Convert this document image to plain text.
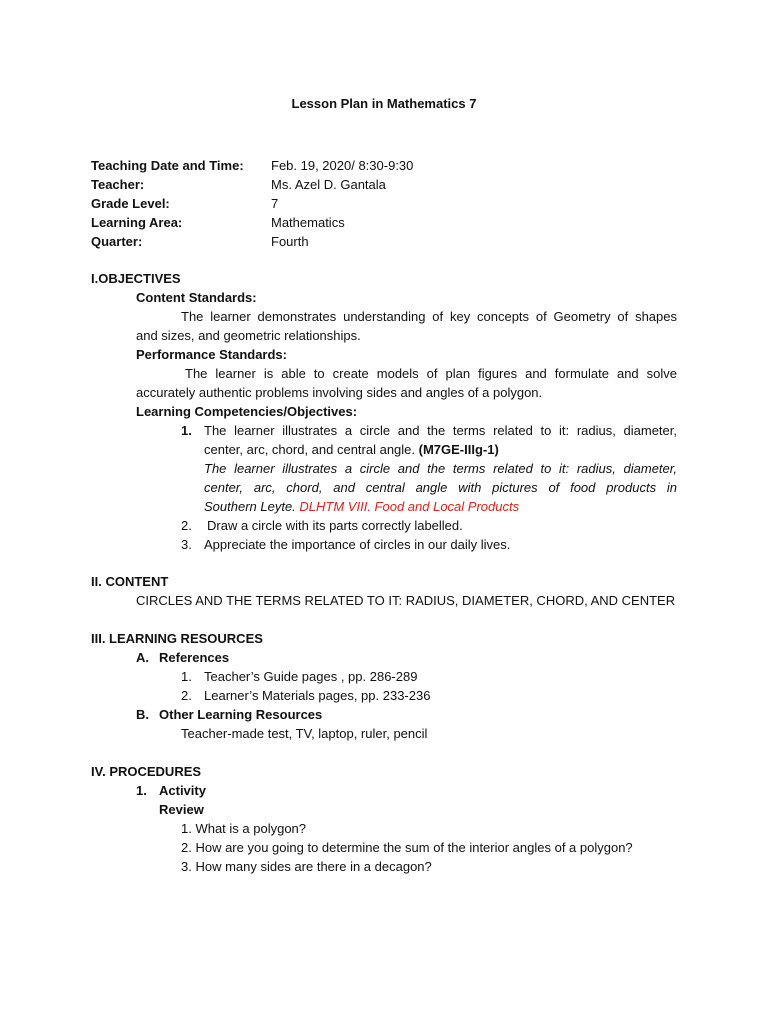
Lesson Plan in Mathematics 7
Teaching Date and Time: Feb. 19, 2020/ 8:30-9:30
Teacher:	Ms. Azel D. Gantala
Grade Level:	7
Learning Area:	Mathematics
Quarter:	Fourth
I.OBJECTIVES
Content Standards:
The learner demonstrates understanding of key concepts of Geometry of shapes
and sizes, and geometric relationships.
Performance Standards:
The learner is able to create models of plan figures and formulate and solve
accurately authentic problems involving sides and angles of a polygon.
Learning Competencies/Objectives:
1. The learner illustrates a circle and the terms related to it: radius, diameter,
center, arc, chord, and central angle. (M7GE-IIIg-1)
The learner illustrates a circle and the terms related to it: radius, diameter,
center, arc, chord, and central angle with pictures of food products in
Southern Leyte. DLHTM VIII. Food and Local Products
2. Draw a circle with its parts correctly labelled.
3. Appreciate the importance of circles in our daily lives.
II. CONTENT
CIRCLES AND THE TERMS RELATED TO IT: RADIUS, DIAMETER, CHORD, AND CENTER
III. LEARNING RESOURCES
A. References
1. Teacher’s Guide pages , pp. 286-289
2. Learner’s Materials pages, pp. 233-236
B. Other Learning Resources
Teacher-made test, TV, laptop, ruler, pencil
IV. PROCEDURES
1. Activity
Review
1. What is a polygon?
2. How are you going to determine the sum of the interior angles of a polygon?
3. How many sides are there in a decagon?
